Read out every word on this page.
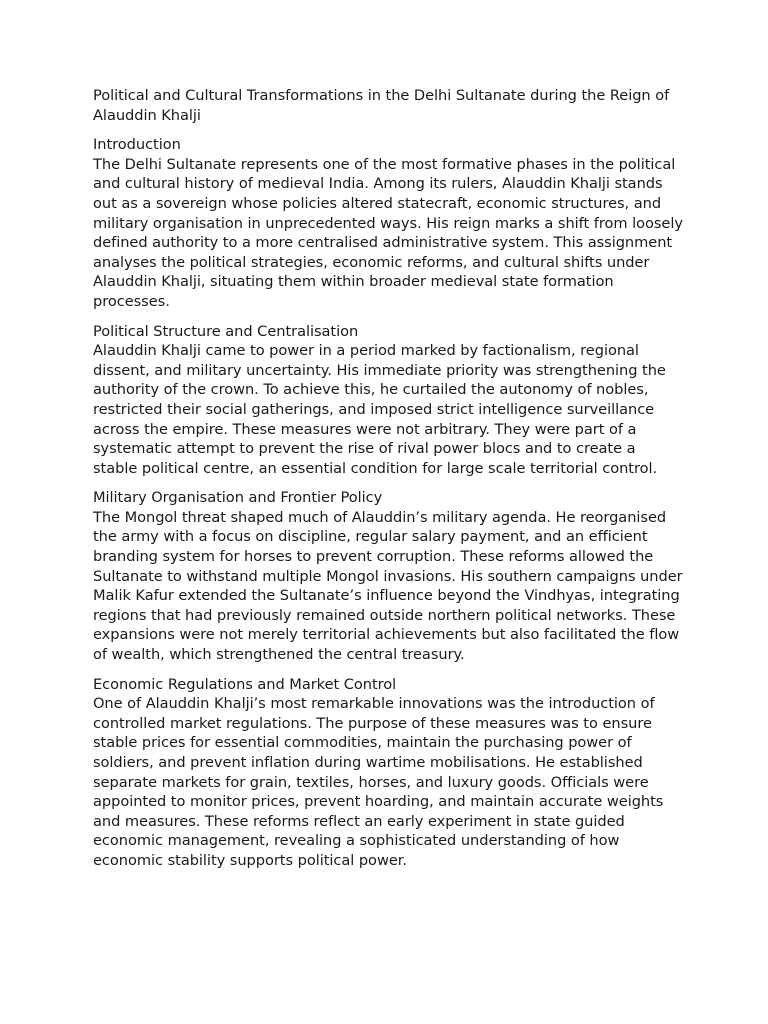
Political and Cultural Transformations in the Delhi Sultanate during the Reign of Alauddin Khalji

Introduction
The Delhi Sultanate represents one of the most formative phases in the political and cultural history of medieval India. Among its rulers, Alauddin Khalji stands out as a sovereign whose policies altered statecraft, economic structures, and military organisation in unprecedented ways. His reign marks a shift from loosely defined authority to a more centralised administrative system. This assignment analyses the political strategies, economic reforms, and cultural shifts under Alauddin Khalji, situating them within broader medieval state formation processes.
Political Structure and Centralisation
Alauddin Khalji came to power in a period marked by factionalism, regional dissent, and military uncertainty. His immediate priority was strengthening the authority of the crown. To achieve this, he curtailed the autonomy of nobles, restricted their social gatherings, and imposed strict intelligence surveillance across the empire. These measures were not arbitrary. They were part of a systematic attempt to prevent the rise of rival power blocs and to create a stable political centre, an essential condition for large scale territorial control.
Military Organisation and Frontier Policy
The Mongol threat shaped much of Alauddin’s military agenda. He reorganised the army with a focus on discipline, regular salary payment, and an efficient branding system for horses to prevent corruption. These reforms allowed the Sultanate to withstand multiple Mongol invasions. His southern campaigns under Malik Kafur extended the Sultanate’s influence beyond the Vindhyas, integrating regions that had previously remained outside northern political networks. These expansions were not merely territorial achievements but also facilitated the flow of wealth, which strengthened the central treasury.
Economic Regulations and Market Control
One of Alauddin Khalji’s most remarkable innovations was the introduction of controlled market regulations. The purpose of these measures was to ensure stable prices for essential commodities, maintain the purchasing power of soldiers, and prevent inflation during wartime mobilisations. He established separate markets for grain, textiles, horses, and luxury goods. Officials were appointed to monitor prices, prevent hoarding, and maintain accurate weights and measures. These reforms reflect an early experiment in state guided economic management, revealing a sophisticated understanding of how economic stability supports political power.
